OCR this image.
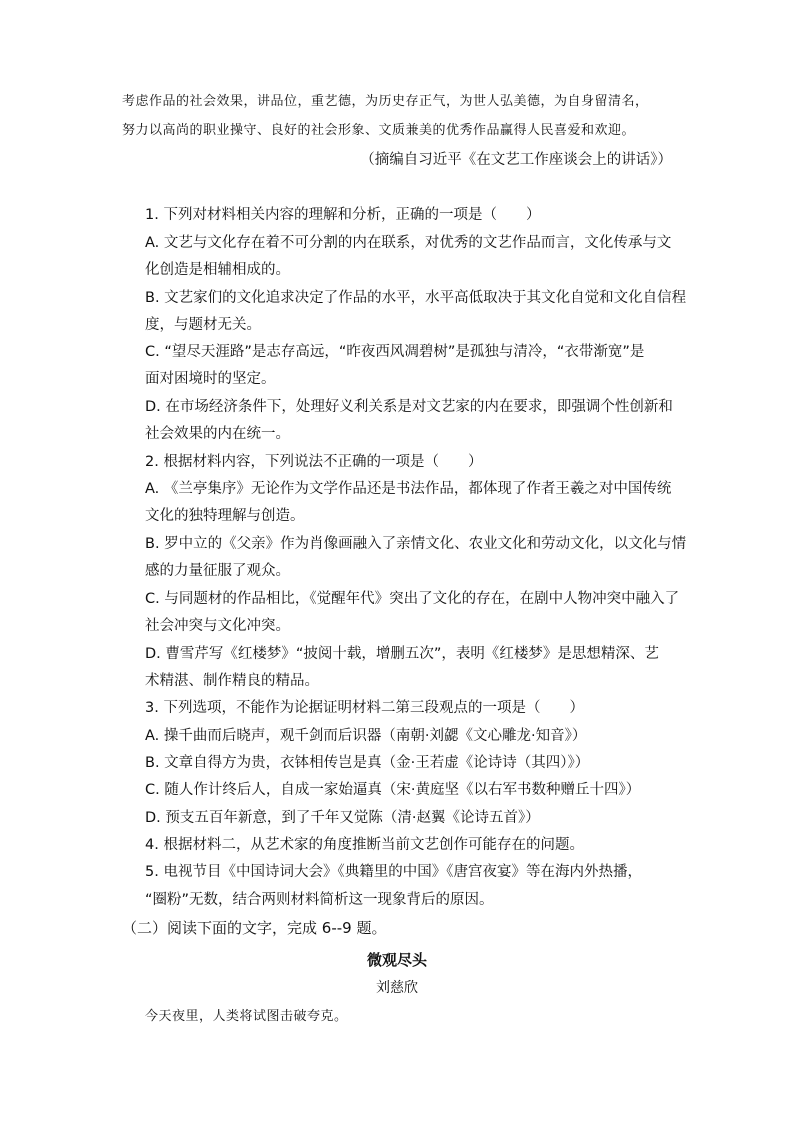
考虑作品的社会效果，讲品位，重艺德，为历史存正气，为世人弘美德，为自身留清名，
努力以高尚的职业操守、良好的社会形象、文质兼美的优秀作品赢得人民喜爱和欢迎。
（摘编自习近平《在文艺工作座谈会上的讲话》）
1. 下列对材料相关内容的理解和分析，正确的一项是（　　）
A. 文艺与文化存在着不可分割的内在联系，对优秀的文艺作品而言，文化传承与文
化创造是相辅相成的。
B. 文艺家们的文化追求决定了作品的水平，水平高低取决于其文化自觉和文化自信程
度，与题材无关。
C. “望尽天涯路”是志存高远，“昨夜西风凋碧树”是孤独与清冷，“衣带渐宽”是
面对困境时的坚定。
D. 在市场经济条件下，处理好义利关系是对文艺家的内在要求，即强调个性创新和
社会效果的内在统一。
2. 根据材料内容，下列说法不正确的一项是（　　）
A. 《兰亭集序》无论作为文学作品还是书法作品，都体现了作者王羲之对中国传统
文化的独特理解与创造。
B. 罗中立的《父亲》作为肖像画融入了亲情文化、农业文化和劳动文化，以文化与情
感的力量征服了观众。
C. 与同题材的作品相比，《觉醒年代》突出了文化的存在，在剧中人物冲突中融入了
社会冲突与文化冲突。
D. 曹雪芹写《红楼梦》“披阅十载，增删五次”，表明《红楼梦》是思想精深、艺
术精湛、制作精良的精品。
3. 下列选项，不能作为论据证明材料二第三段观点的一项是（　　）
A. 操千曲而后晓声，观千剑而后识器（南朝·刘勰《文心雕龙·知音》）
B. 文章自得方为贵，衣钵相传岂是真（金·王若虚《论诗诗（其四）》）
C. 随人作计终后人，自成一家始逼真（宋·黄庭坚《以右军书数种赠丘十四》）
D. 预支五百年新意，到了千年又觉陈（清·赵翼《论诗五首》）
4. 根据材料二，从艺术家的角度推断当前文艺创作可能存在的问题。
5. 电视节目《中国诗词大会》《典籍里的中国》《唐宫夜宴》等在海内外热播，
“圈粉”无数，结合两则材料简析这一现象背后的原因。
（二）阅读下面的文字，完成 6--9 题。
微观尽头
刘慈欣
今天夜里，人类将试图击破夸克。
